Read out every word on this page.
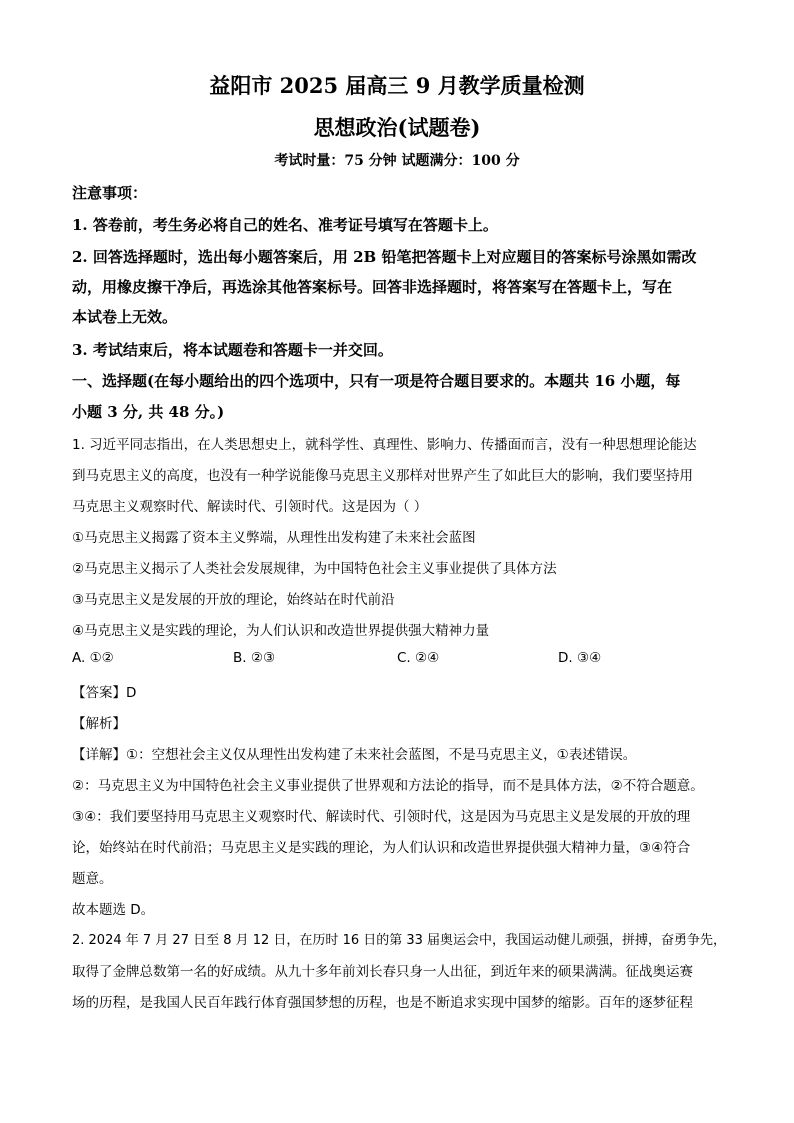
益阳市 2025 届高三 9 月教学质量检测
思想政治(试题卷)
考试时量：75 分钟 试题满分：100 分
注意事项：
1. 答卷前，考生务必将自己的姓名、准考证号填写在答题卡上。
2. 回答选择题时，选出每小题答案后，用 2B 铅笔把答题卡上对应题目的答案标号涂黑如需改
动，用橡皮擦干净后，再选涂其他答案标号。回答非选择题时，将答案写在答题卡上，写在
本试卷上无效。
3. 考试结束后，将本试题卷和答题卡一并交回。
一、选择题(在每小题给出的四个选项中，只有一项是符合题目要求的。本题共 16 小题，每
小题 3 分, 共 48 分。)
1. 习近平同志指出，在人类思想史上，就科学性、真理性、影响力、传播面而言，没有一种思想理论能达
到马克思主义的高度，也没有一种学说能像马克思主义那样对世界产生了如此巨大的影响，我们要坚持用
马克思主义观察时代、解读时代、引领时代。这是因为（ ）
①马克思主义揭露了资本主义弊端，从理性出发构建了未来社会蓝图
②马克思主义揭示了人类社会发展规律，为中国特色社会主义事业提供了具体方法
③马克思主义是发展的开放的理论，始终站在时代前沿
④马克思主义是实践的理论，为人们认识和改造世界提供强大精神力量
A. ①②	B. ②③	C. ②④	D. ③④
【答案】D
【解析】
【详解】①：空想社会主义仅从理性出发构建了未来社会蓝图，不是马克思主义，①表述错误。
②：马克思主义为中国特色社会主义事业提供了世界观和方法论的指导，而不是具体方法，②不符合题意。
③④：我们要坚持用马克思主义观察时代、解读时代、引领时代，这是因为马克思主义是发展的开放的理
论，始终站在时代前沿；马克思主义是实践的理论，为人们认识和改造世界提供强大精神力量，③④符合
题意。
故本题选 D。
2. 2024 年 7 月 27 日至 8 月 12 日，在历时 16 日的第 33 届奥运会中，我国运动健儿顽强，拼搏，奋勇争先，
取得了金牌总数第一名的好成绩。从九十多年前刘长春只身一人出征，到近年来的硕果满满。征战奥运赛
场的历程，是我国人民百年践行体育强国梦想的历程，也是不断追求实现中国梦的缩影。百年的逐梦征程
